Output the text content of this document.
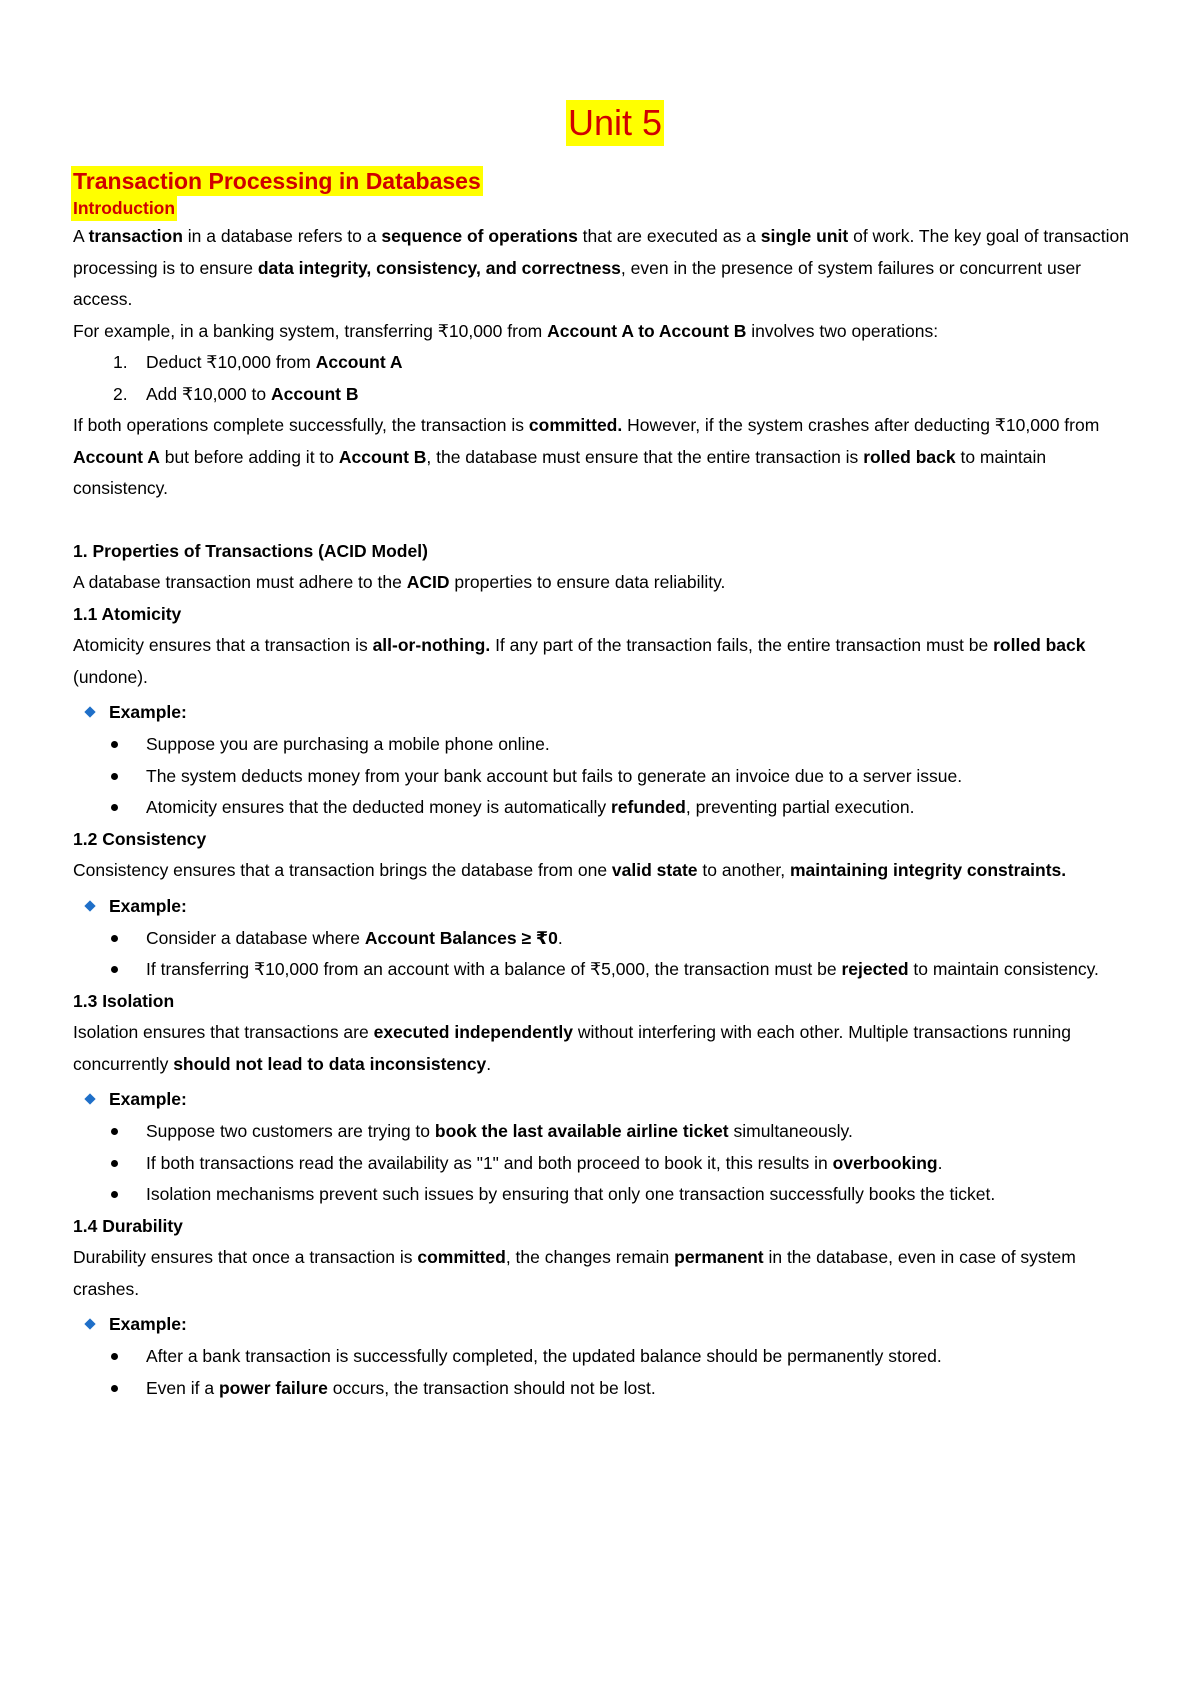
Unit 5
Transaction Processing in Databases
Introduction

A transaction in a database refers to a sequence of operations that are executed as a single unit of work. The key goal of transaction processing is to ensure data integrity, consistency, and correctness, even in the presence of system failures or concurrent user access.

For example, in a banking system, transferring ₹10,000 from Account A to Account B involves two operations:

1. Deduct ₹10,000 from Account A
2. Add ₹10,000 to Account B

If both operations complete successfully, the transaction is committed. However, if the system crashes after deducting ₹10,000 from Account A but before adding it to Account B, the database must ensure that the entire transaction is rolled back to maintain consistency.

1. Properties of Transactions (ACID Model)

A database transaction must adhere to the ACID properties to ensure data reliability.

1.1 Atomicity

Atomicity ensures that a transaction is all-or-nothing. If any part of the transaction fails, the entire transaction must be rolled back (undone).

Example:
Suppose you are purchasing a mobile phone online.
The system deducts money from your bank account but fails to generate an invoice due to a server issue.
Atomicity ensures that the deducted money is automatically refunded, preventing partial execution.

1.2 Consistency

Consistency ensures that a transaction brings the database from one valid state to another, maintaining integrity constraints.

Example:
Consider a database where Account Balances ≥ ₹0.
If transferring ₹10,000 from an account with a balance of ₹5,000, the transaction must be rejected to maintain consistency.

1.3 Isolation

Isolation ensures that transactions are executed independently without interfering with each other. Multiple transactions running concurrently should not lead to data inconsistency.

Example:
Suppose two customers are trying to book the last available airline ticket simultaneously.
If both transactions read the availability as "1" and both proceed to book it, this results in overbooking.
Isolation mechanisms prevent such issues by ensuring that only one transaction successfully books the ticket.

1.4 Durability

Durability ensures that once a transaction is committed, the changes remain permanent in the database, even in case of system crashes.

Example:
After a bank transaction is successfully completed, the updated balance should be permanently stored.
Even if a power failure occurs, the transaction should not be lost.
